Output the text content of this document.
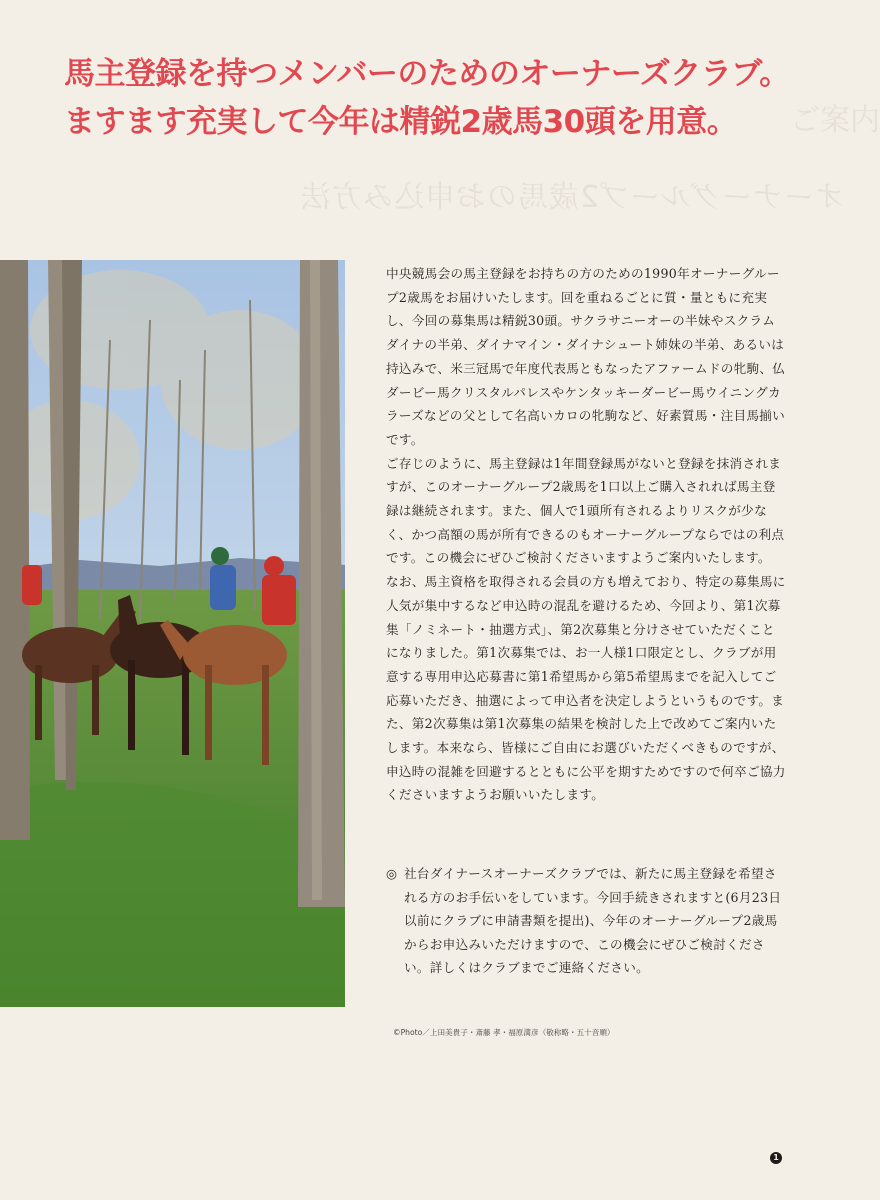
オーナーグループ2歳馬のお申込み方法
ご案内
馬主登録を持つメンバーのためのオーナーズクラブ。
ますます充実して今年は精鋭2歳馬30頭を用意。

中央競馬会の馬主登録をお持ちの方のための1990年オーナーグループ2歳馬をお届けいたします。回を重ねるごとに質・量ともに充実し、今回の募集馬は精鋭30頭。サクラサニーオーの半妹やスクラムダイナの半弟、ダイナマイン・ダイナシュート姉妹の半弟、あるいは持込みで、米三冠馬で年度代表馬ともなったアファームドの牝駒、仏ダービー馬クリスタルパレスやケンタッキーダービー馬ウイニングカラーズなどの父として名高いカロの牝駒など、好素質馬・注目馬揃いです。

ご存じのように、馬主登録は1年間登録馬がないと登録を抹消されますが、このオーナーグループ2歳馬を1口以上ご購入されれば馬主登録は継続されます。また、個人で1頭所有されるよりリスクが少なく、かつ高額の馬が所有できるのもオーナーグループならではの利点です。この機会にぜひご検討くださいますようご案内いたします。

なお、馬主資格を取得される会員の方も増えており、特定の募集馬に人気が集中するなど申込時の混乱を避けるため、今回より、第1次募集「ノミネート・抽選方式」、第2次募集と分けさせていただくことになりました。第1次募集では、お一人様1口限定とし、クラブが用意する専用申込応募書に第1希望馬から第5希望馬までを記入してご応募いただき、抽選によって申込者を決定しようというものです。また、第2次募集は第1次募集の結果を検討した上で改めてご案内いたします。本来なら、皆様にご自由にお選びいただくべきものですが、申込時の混雑を回避するとともに公平を期すためですので何卒ご協力くださいますようお願いいたします。

◎ 社台ダイナースオーナーズクラブでは、新たに馬主登録を希望される方のお手伝いをしています。今回手続きされますと(6月23日以前にクラブに申請書類を提出)、今年のオーナーグループ2歳馬からお申込みいただけますので、この機会にぜひご検討ください。詳しくはクラブまでご連絡ください。
©Photo／上田美貴子・斎藤 孝・福原満彦（敬称略・五十音順）
1
